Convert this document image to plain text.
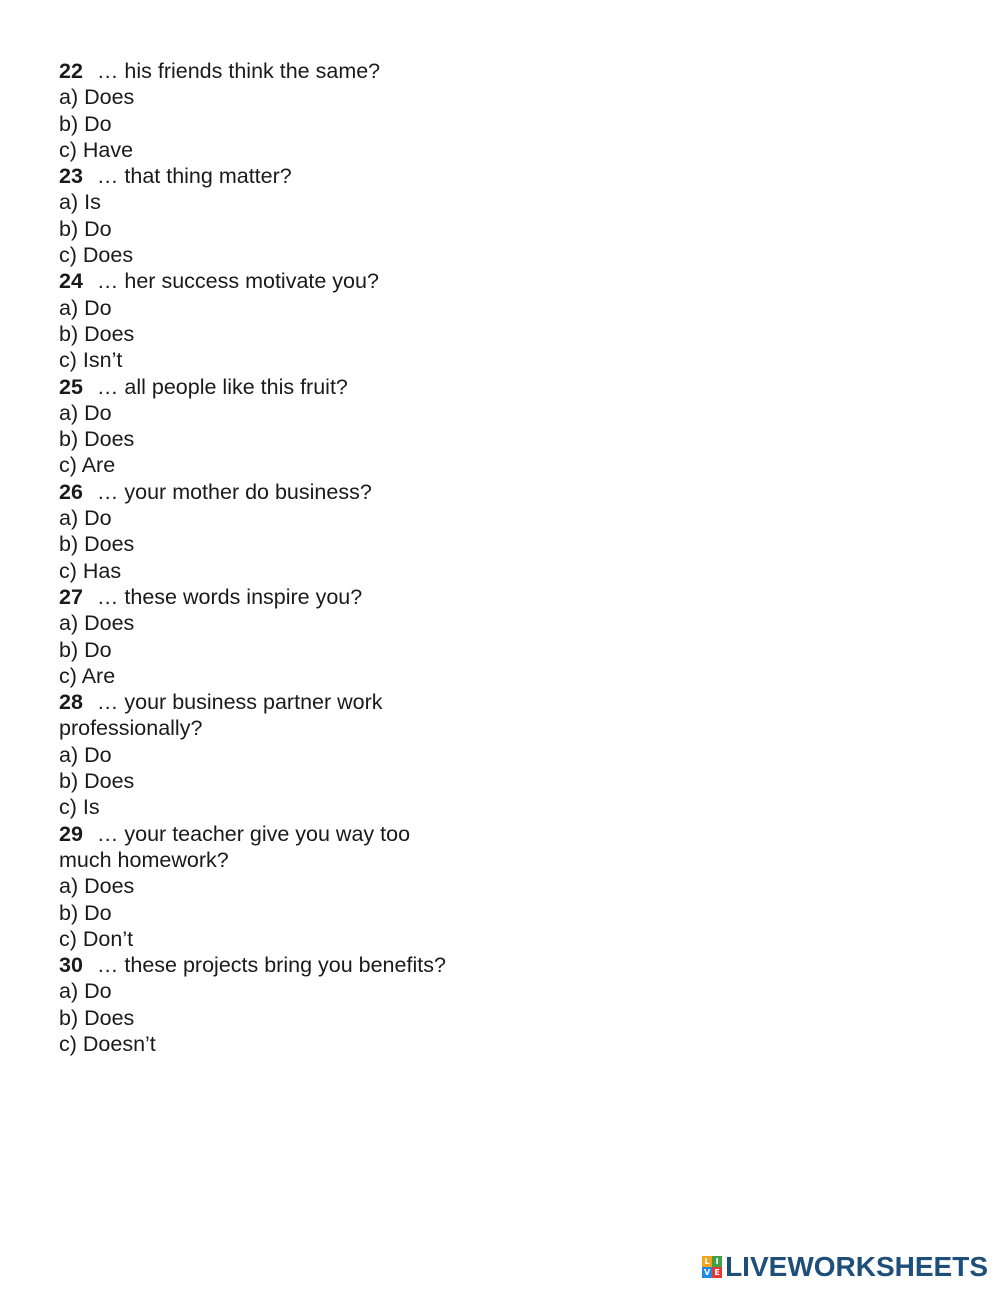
22 … his friends think the same?

a) Does

b) Do

c) Have

23 … that thing matter?

a) Is

b) Do

c) Does

24 … her success motivate you?

a) Do

b) Does

c) Isn’t

25 … all people like this fruit?

a) Do

b) Does

c) Are

26 … your mother do business?

a) Do

b) Does

c) Has

27 … these words inspire you?

a) Does

b) Do

c) Are

28 … your business partner work professionally?

a) Do

b) Does

c) Is

29 … your teacher give you way too much homework?

a) Does

b) Do

c) Don’t

30 … these projects bring you benefits?

a) Do

b) Does

c) Doesn’t

L I
V E LIVEWORKSHEETS
